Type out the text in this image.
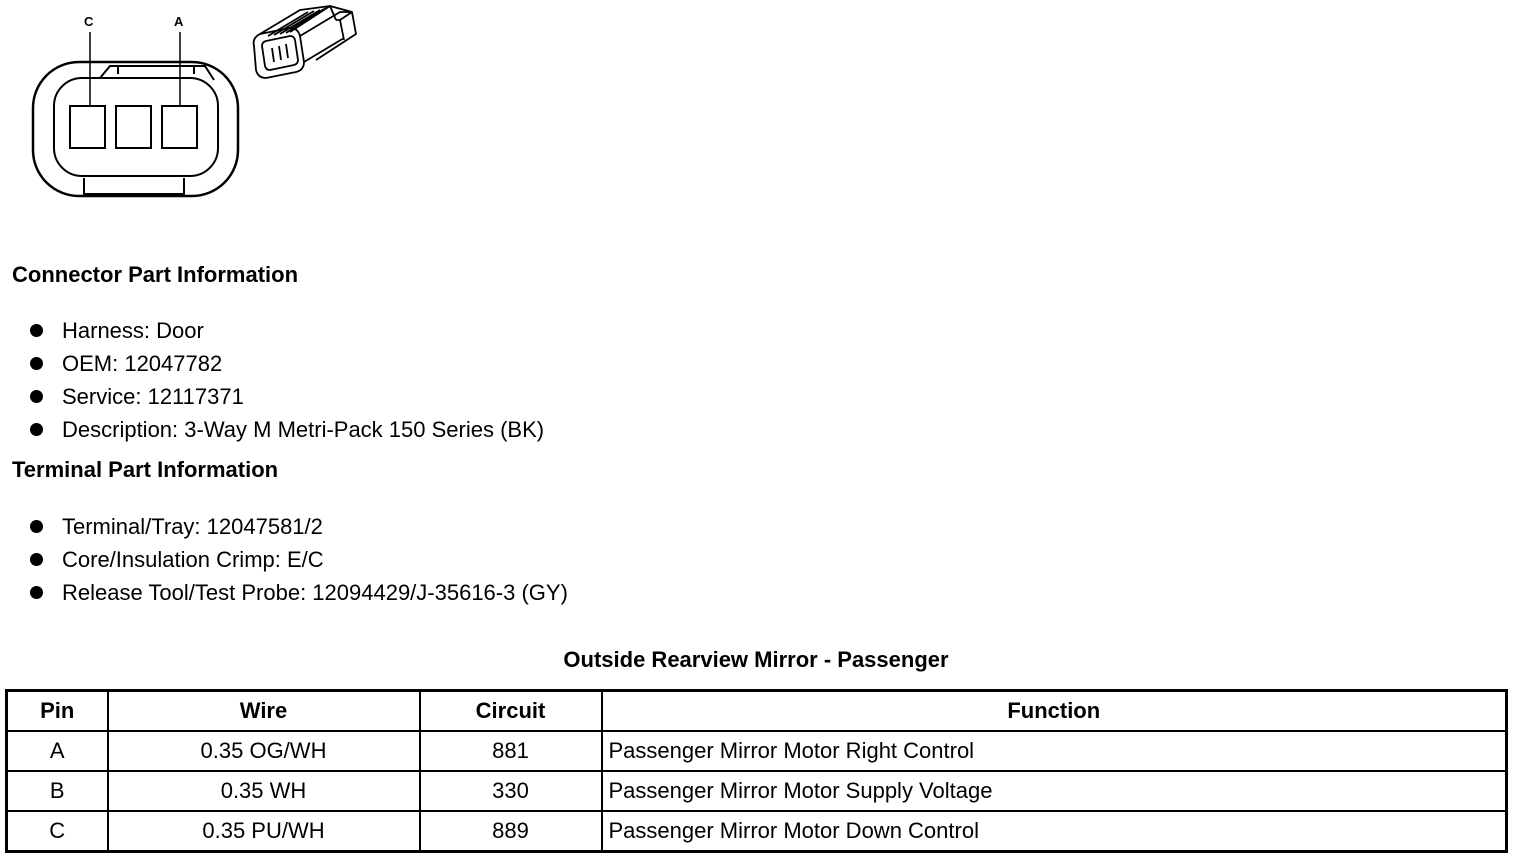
C	A
Connector Part Information
Harness: Door
OEM: 12047782
Service: 12117371
Description: 3-Way M Metri-Pack 150 Series (BK)
Terminal Part Information
Terminal/Tray: 12047581/2
Core/Insulation Crimp: E/C
Release Tool/Test Probe: 12094429/J-35616-3 (GY)
Outside Rearview Mirror - Passenger
Pin	Wire	Circuit	Function
A	0.35 OG/WH	881	Passenger Mirror Motor Right Control
B	0.35 WH	330	Passenger Mirror Motor Supply Voltage
C	0.35 PU/WH	889	Passenger Mirror Motor Down Control
